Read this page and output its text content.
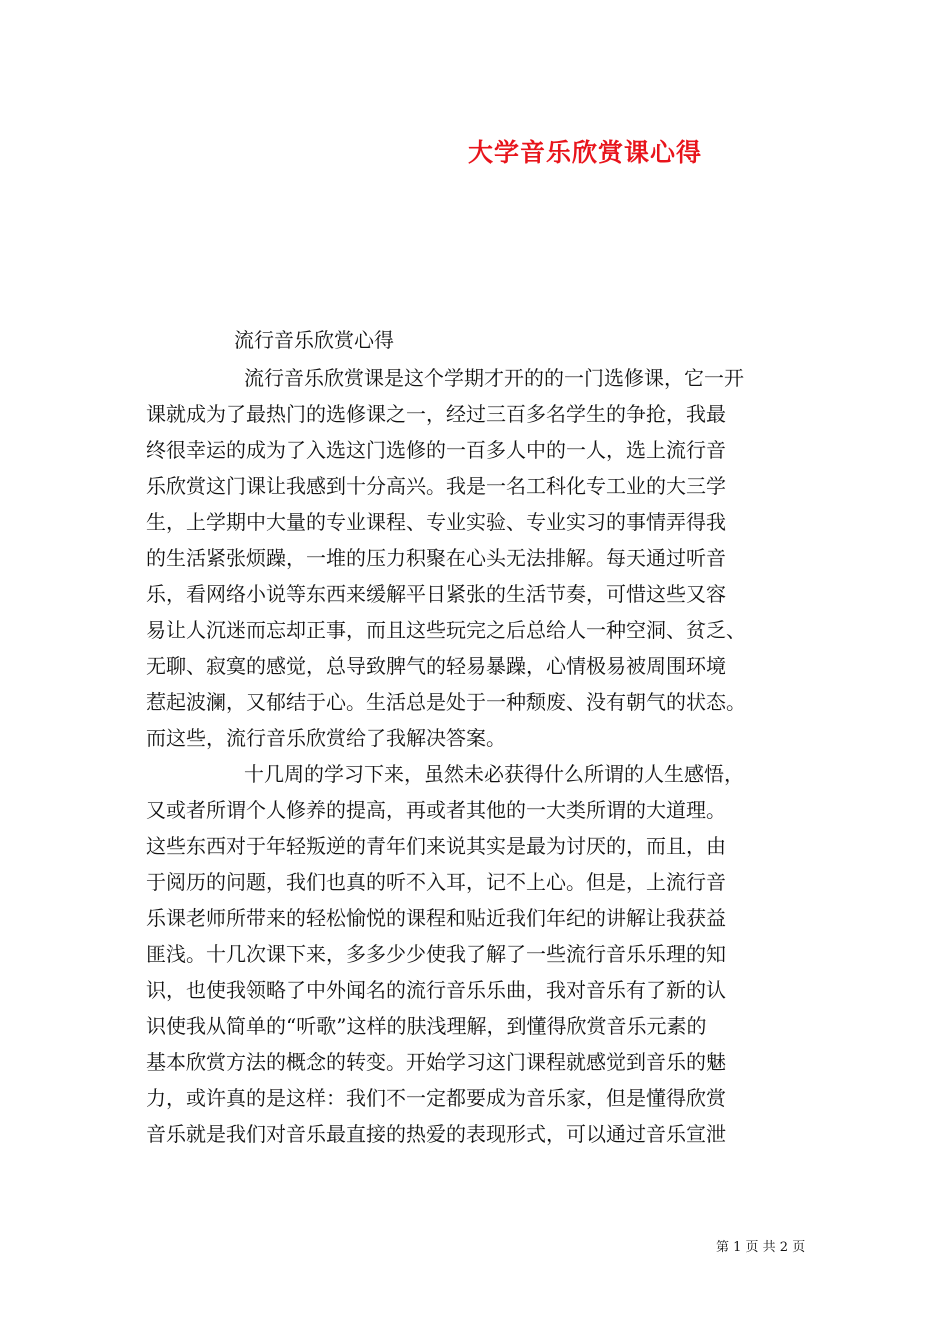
大学音乐欣赏课心得
流行音乐欣赏心得
流行音乐欣赏课是这个学期才开的的一门选修课，它一开
课就成为了最热门的选修课之一，经过三百多名学生的争抢，我最
终很幸运的成为了入选这门选修的一百多人中的一人，选上流行音
乐欣赏这门课让我感到十分高兴。我是一名工科化专工业的大三学
生，上学期中大量的专业课程、专业实验、专业实习的事情弄得我
的生活紧张烦躁，一堆的压力积聚在心头无法排解。每天通过听音
乐，看网络小说等东西来缓解平日紧张的生活节奏，可惜这些又容
易让人沉迷而忘却正事，而且这些玩完之后总给人一种空洞、贫乏、
无聊、寂寞的感觉，总导致脾气的轻易暴躁，心情极易被周围环境
惹起波澜，又郁结于心。生活总是处于一种颓废、没有朝气的状态。
而这些，流行音乐欣赏给了我解决答案。
十几周的学习下来，虽然未必获得什么所谓的人生感悟，
又或者所谓个人修养的提高，再或者其他的一大类所谓的大道理。
这些东西对于年轻叛逆的青年们来说其实是最为讨厌的，而且，由
于阅历的问题，我们也真的听不入耳，记不上心。但是，上流行音
乐课老师所带来的轻松愉悦的课程和贴近我们年纪的讲解让我获益
匪浅。十几次课下来，多多少少使我了解了一些流行音乐乐理的知
识，也使我领略了中外闻名的流行音乐乐曲，我对音乐有了新的认
识使我从简单的“听歌”这样的肤浅理解，到懂得欣赏音乐元素的
基本欣赏方法的概念的转变。开始学习这门课程就感觉到音乐的魅
力，或许真的是这样：我们不一定都要成为音乐家，但是懂得欣赏
音乐就是我们对音乐最直接的热爱的表现形式，可以通过音乐宣泄
第 1 页 共 2 页
